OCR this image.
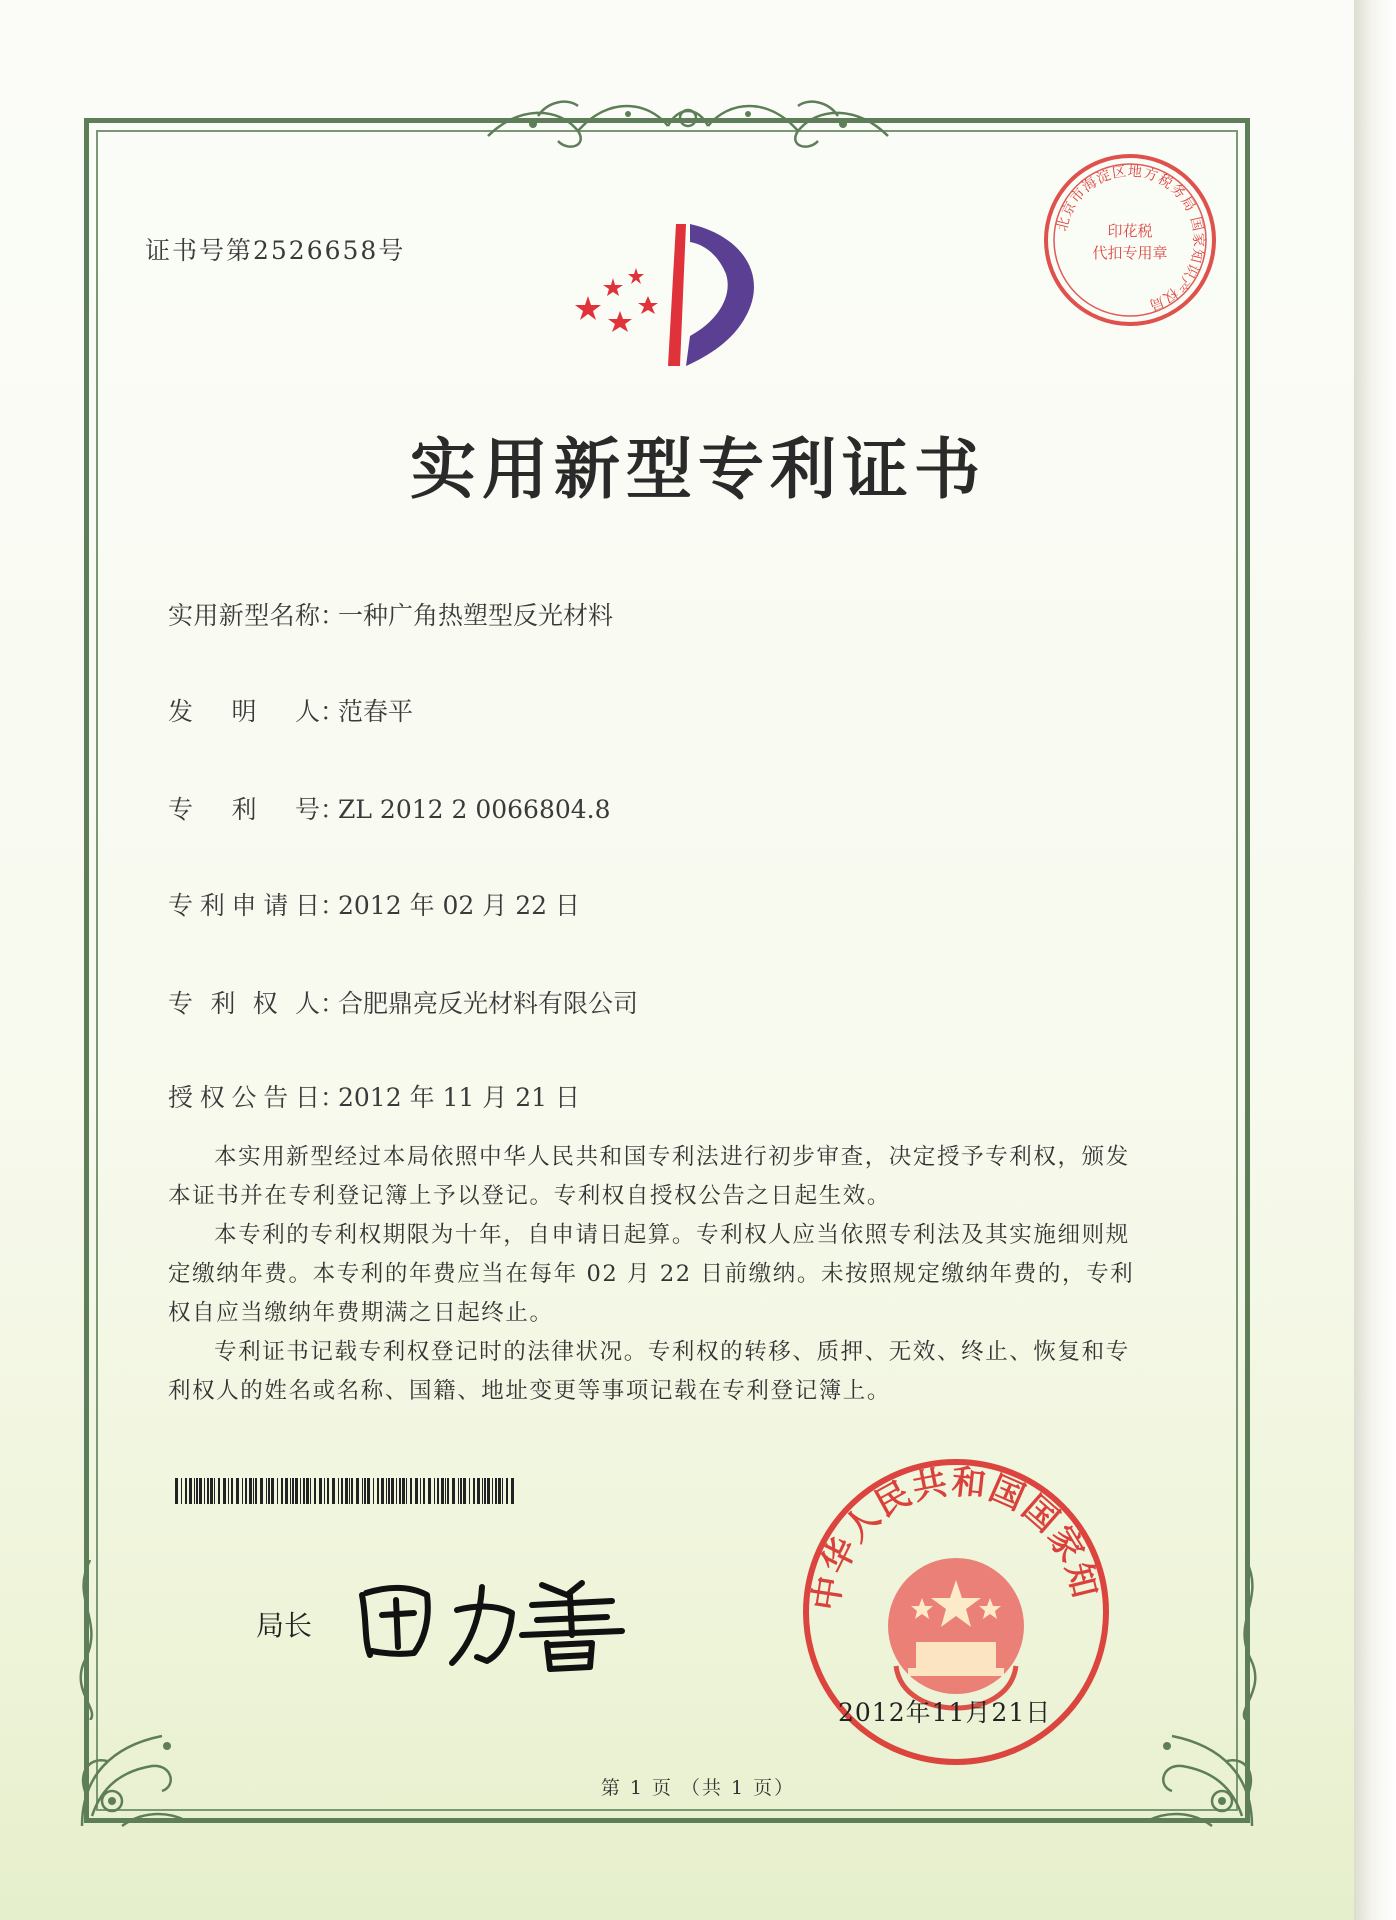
证书号第2526658号
北京市海淀区地方税务局 国家知识产权局
印花税
代扣专用章
实用新型专利证书
实用新型名称：一种广角热塑型反光材料
发明人：范春平
专利号：ZL 2012 2 0066804.8
专利申请日：2012 年 02 月 22 日
专利权人：合肥鼎亮反光材料有限公司
授权公告日：2012 年 11 月 21 日

本实用新型经过本局依照中华人民共和国专利法进行初步审查，决定授予专利权，颁发本证书并在专利登记簿上予以登记。专利权自授权公告之日起生效。

本专利的专利权期限为十年，自申请日起算。专利权人应当依照专利法及其实施细则规定缴纳年费。本专利的年费应当在每年 02 月 22 日前缴纳。未按照规定缴纳年费的，专利权自应当缴纳年费期满之日起终止。

专利证书记载专利权登记时的法律状况。专利权的转移、质押、无效、终止、恢复和专利权人的姓名或名称、国籍、地址变更等事项记载在专利登记簿上。

局长
中华人民共和国国家知
2012年11月21日
第 1 页 （共 1 页）
